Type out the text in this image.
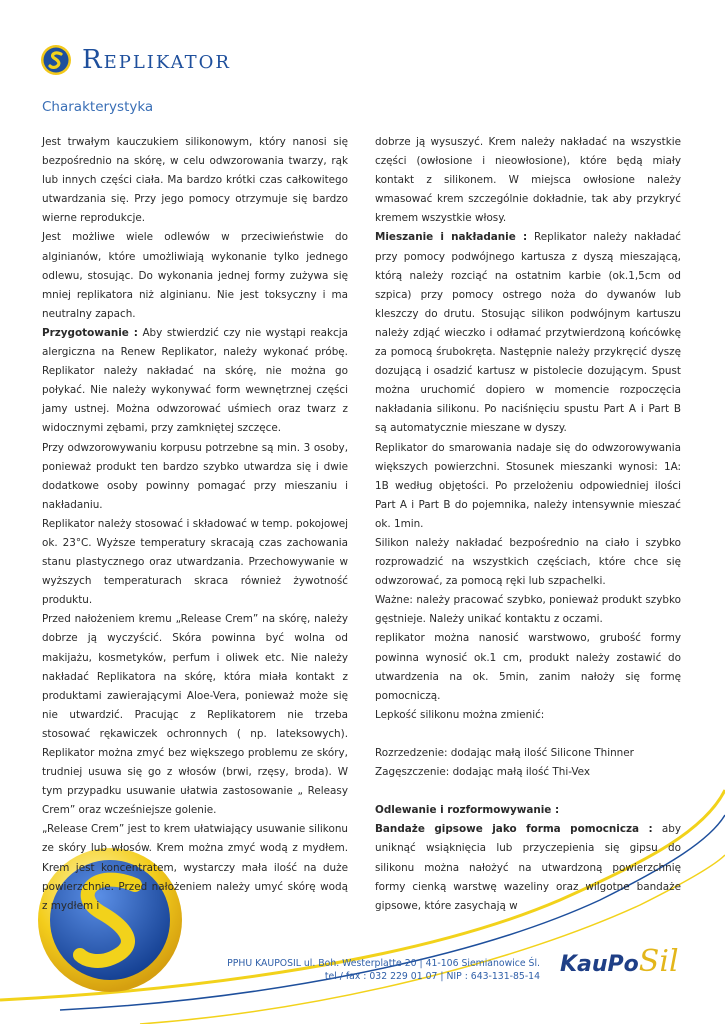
Replikator
Charakterystyka

Jest trwałym kauczukiem silikonowym, który nanosi się bezpośrednio na skórę, w celu odwzorowania twarzy, rąk lub innych części ciała. Ma bardzo krótki czas całkowitego utwardzania się. Przy jego pomocy otrzymuje się bardzo wierne reprodukcje.

Jest możliwe wiele odlewów w przeciwieństwie do alginianów, które umożliwiają wykonanie tylko jednego odlewu, stosując. Do wykonania jednej formy zużywa się mniej replikatora niż alginianu. Nie jest toksyczny i ma neutralny zapach.

Przygotowanie : Aby stwierdzić czy nie wystąpi reakcja alergiczna na Renew Replikator, należy wykonać próbę. Replikator należy nakładać na skórę, nie można go połykać. Nie należy wykonywać form wewnętrznej części jamy ustnej. Można odwzorować uśmiech oraz twarz z widocznymi zębami, przy zamkniętej szczęce.

Przy odwzorowywaniu korpusu potrzebne są min. 3 osoby, ponieważ produkt ten bardzo szybko utwardza się i dwie dodatkowe osoby powinny pomagać przy mieszaniu i nakładaniu.

Replikator należy stosować i składować w temp. pokojowej ok. 23°C. Wyższe temperatury skracają czas zachowania stanu plastycznego oraz utwardzania. Przechowywanie w wyższych temperaturach skraca również żywotność produktu.

Przed nałożeniem kremu „Release Crem” na skórę, należy dobrze ją wyczyścić. Skóra powinna być wolna od makijażu, kosmetyków, perfum i oliwek etc. Nie należy nakładać Replikatora na skórę, która miała kontakt z produktami zawierającymi Aloe-Vera, ponieważ może się nie utwardzić. Pracując z Replikatorem nie trzeba stosować rękawiczek ochronnych ( np. lateksowych). Replikator można zmyć bez większego problemu ze skóry, trudniej usuwa się go z włosów (brwi, rzęsy, broda). W tym przypadku usuwanie ułatwia zastosowanie „ Releasy Crem” oraz wcześniejsze golenie.

„Release Crem” jest to krem ułatwiający usuwanie silikonu ze skóry lub włosów. Krem można zmyć wodą z mydłem. Krem jest koncentratem, wystarczy mała ilość na duże powierzchnie. Przed nałożeniem należy umyć skórę wodą z mydłem i

dobrze ją wysuszyć. Krem należy nakładać na wszystkie części (owłosione i nieowłosione), które będą miały kontakt z silikonem. W miejsca owłosione należy wmasować krem szczególnie dokładnie, tak aby przykryć kremem wszystkie włosy.

Mieszanie i nakładanie : Replikator należy nakładać przy pomocy podwójnego kartusza z dyszą mieszającą, którą należy rozciąć na ostatnim karbie (ok.1,5cm od szpica) przy pomocy ostrego noża do dywanów lub kleszczy do drutu. Stosując silikon podwójnym kartuszu należy zdjąć wieczko i odłamać przytwierdzoną końcówkę za pomocą śrubokręta. Następnie należy przykręcić dyszę dozującą i osadzić kartusz w pistolecie dozującym. Spust można uruchomić dopiero w momencie rozpoczęcia nakładania silikonu. Po naciśnięciu spustu Part A i Part B są automatycznie mieszane w dyszy.

Replikator do smarowania nadaje się do odwzorowywania większych powierzchni. Stosunek mieszanki wynosi: 1A: 1B według objętości. Po przelożeniu odpowiedniej ilości Part A i Part B do pojemnika, należy intensywnie mieszać ok. 1min.

Silikon należy nakładać bezpośrednio na ciało i szybko rozprowadzić na wszystkich częściach, które chce się odwzorować, za pomocą ręki lub szpachelki.

Ważne: należy pracować szybko, ponieważ produkt szybko gęstnieje. Należy unikać kontaktu z oczami.

replikator można nanosić warstwowo, grubość formy powinna wynosić ok.1 cm, produkt należy zostawić do utwardzenia na ok. 5min, zanim nałoży się formę pomocniczą.

Lepkość silikonu można zmienić:

Rozrzedzenie: dodając małą ilość Silicone Thinner

Zagęszczenie: dodając małą ilość Thi-Vex

Odlewanie i rozformowywanie :

Bandaże gipsowe jako forma pomocnicza : aby uniknąć wsiąknięcia lub przyczepienia się gipsu do silikonu można nałożyć na utwardzoną powierzchnię formy cienką warstwę wazeliny oraz wilgotne bandaże gipsowe, które zasychają w

PPHU KAUPOSIL ul. Boh. Westerplatte 20 | 41-106 Siemianowice Śl.
tel / fax : 032 229 01 07 | NIP : 643-131-85-14 KauPoSil
